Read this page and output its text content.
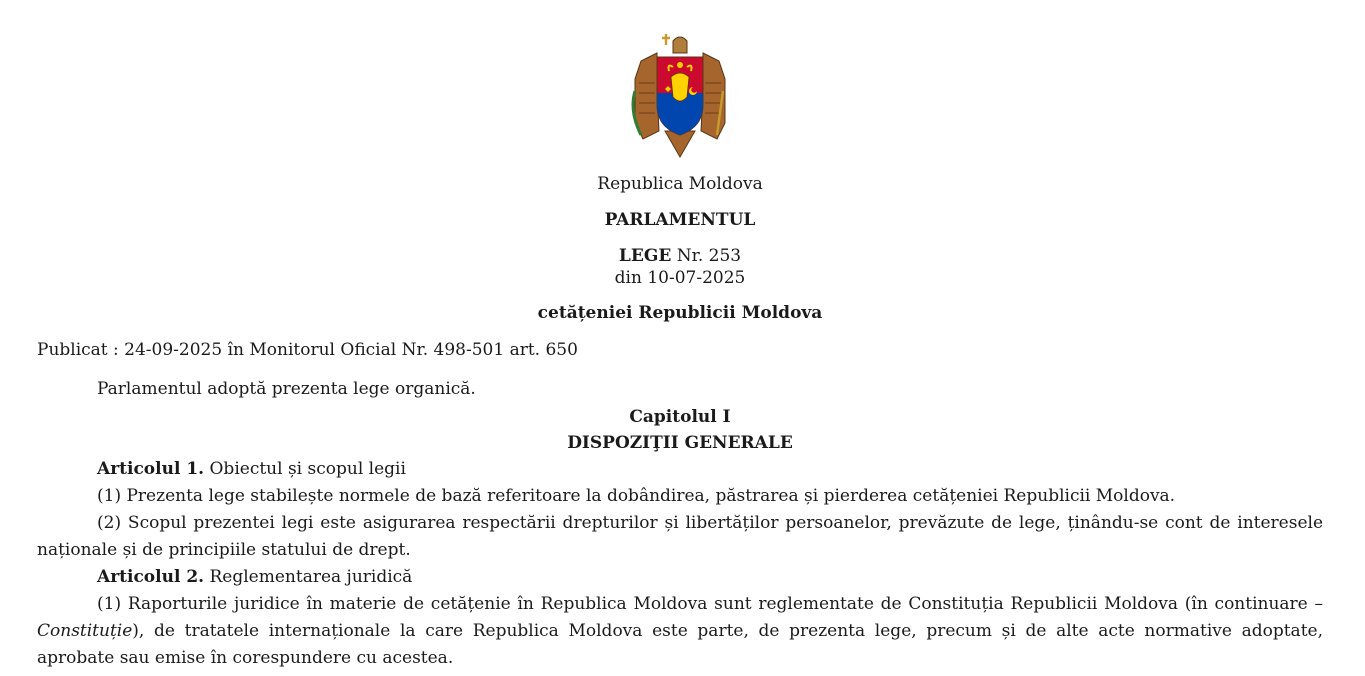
Republica Moldova
PARLAMENTUL
LEGE Nr. 253
din 10-07-2025
cetățeniei Republicii Moldova
Publicat : 24-09-2025 în Monitorul Oficial Nr. 498-501 art. 650
Parlamentul adoptă prezenta lege organică.
Capitolul I
DISPOZIŢII GENERALE
Articolul 1. Obiectul și scopul legii
(1) Prezenta lege stabilește normele de bază referitoare la dobândirea, păstrarea și pierderea cetățeniei Republicii Moldova.
(2) Scopul prezentei legi este asigurarea respectării drepturilor și libertăților persoanelor, prevăzute de lege, ținându-se cont de interesele naționale și de principiile statului de drept.
Articolul 2. Reglementarea juridică
(1) Raporturile juridice în materie de cetățenie în Republica Moldova sunt reglementate de Constituția Republicii Moldova (în continuare – Constituție), de tratatele internaționale la care Republica Moldova este parte, de prezenta lege, precum și de alte acte normative adoptate, aprobate sau emise în corespundere cu acestea.
